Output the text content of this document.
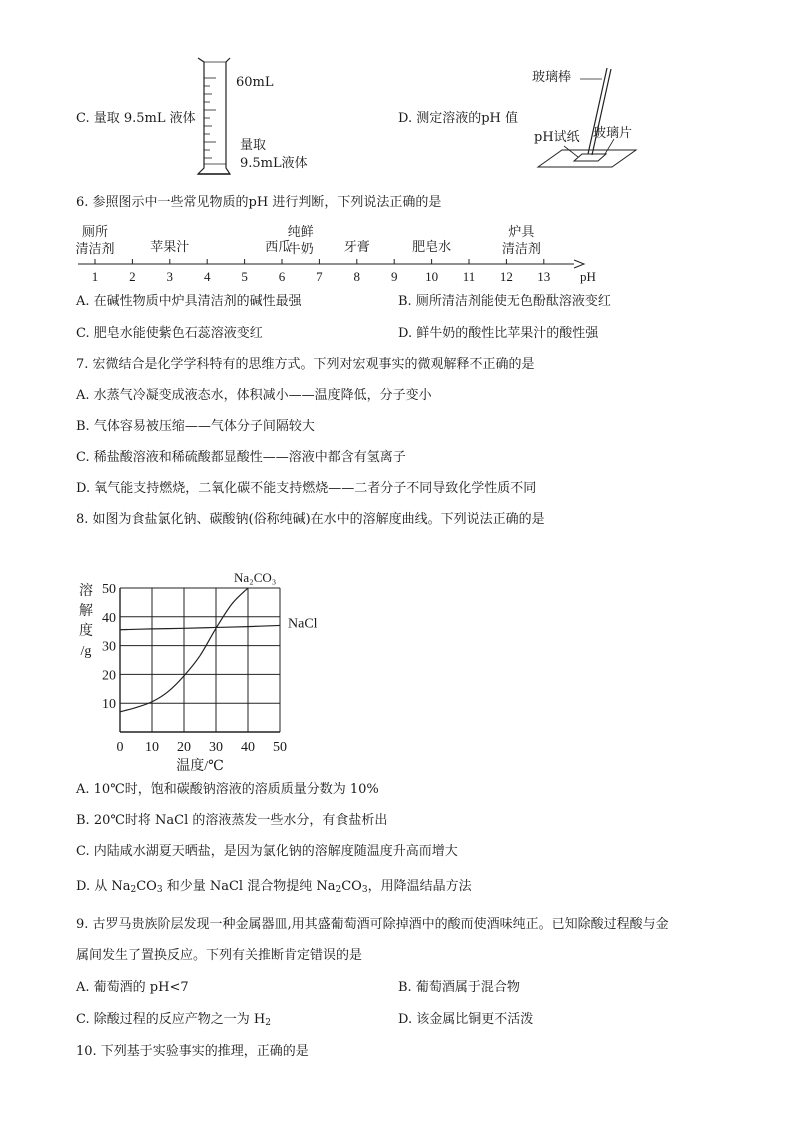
C. 量取 9.5mL 液体
60mL
量取
9.5mL液体
D. 测定溶液的pH 值
玻璃棒
pH试纸 玻璃片
6. 参照图示中一些常见物质的pH 进行判断，下列说法正确的是
1 2 3 4 5 6 7 8 9 10 11 12 13 pH
厕所
清洁剂	苹果汁	西瓜
纯鲜
牛奶 牙膏	肥皂水
炉具
清洁剂
A. 在碱性物质中炉具清洁剂的碱性最强	B. 厕所清洁剂能使无色酚酞溶液变红
C. 肥皂水能使紫色石蕊溶液变红	D. 鲜牛奶的酸性比苹果汁的酸性强
7. 宏微结合是化学学科特有的思维方式。下列对宏观事实的微观解释不正确的是
A. 水蒸气冷凝变成液态水，体积减小——温度降低，分子变小
B. 气体容易被压缩——气体分子间隔较大
C. 稀盐酸溶液和稀硫酸都显酸性——溶液中都含有氢离子
D. 氧气能支持燃烧，二氧化碳不能支持燃烧——二者分子不同导致化学性质不同
8. 如图为食盐氯化钠、碳酸钠(俗称纯碱)在水中的溶解度曲线。下列说法正确的是
0 10 20 30 40 50
10
20
30
40
50
溶
解
度
/g
温度/℃
Na₂CO₃
NaCl
A. 10℃时，饱和碳酸钠溶液的溶质质量分数为 10%
B. 20℃时将 NaCl 的溶液蒸发一些水分，有食盐析出
C. 内陆咸水湖夏天晒盐，是因为氯化钠的溶解度随温度升高而增大
D. 从 $Na_2CO_3$ 和少量 NaCl 混合物提纯 $Na_2CO_3$，用降温结晶方法
9. 古罗马贵族阶层发现一种金属器皿,用其盛葡萄酒可除掉酒中的酸而使酒味纯正。已知除酸过程酸与金
属间发生了置换反应。下列有关推断肯定错误的是
A. 葡萄酒的 pH<7	B. 葡萄酒属于混合物
C. 除酸过程的反应产物之一为 $H_2$	D. 该金属比铜更不活泼
10. 下列基于实验事实的推理，正确的是
